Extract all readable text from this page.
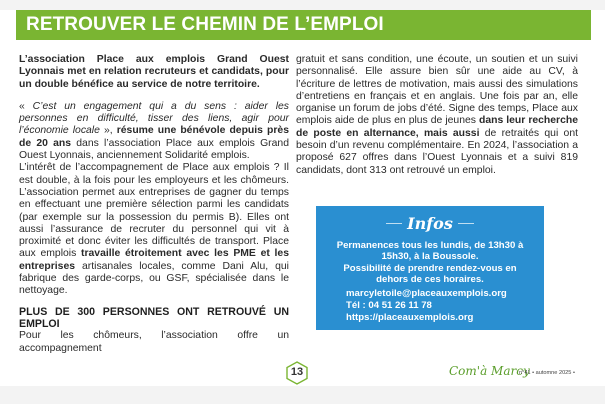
RETROUVER LE CHEMIN DE L’EMPLOI

L’association Place aux emplois Grand Ouest Lyonnais met en relation recruteurs et candidats, pour un double bénéfice au service de notre territoire.

« C’est un engagement qui a du sens : aider les personnes en difficulté, tisser des liens, agir pour l’économie locale », résume une bénévole depuis près de 20 ans dans l’association Place aux emplois Grand Ouest Lyonnais, anciennement Solidarité emplois.

L’intérêt de l’accompagnement de Place aux emplois ? Il est double, à la fois pour les employeurs et les chômeurs. L’association permet aux entreprises de gagner du temps en effectuant une première sélection parmi les candidats (par exemple sur la possession du permis B). Elles ont aussi l’assurance de recruter du personnel qui vit à proximité et donc éviter les difficultés de transport. Place aux emplois travaille étroitement avec les PME et les entreprises artisanales locales, comme Dani Alu, qui fabrique des garde-corps, ou GSF, spécialisée dans le nettoyage.

PLUS DE 300 PERSONNES ONT RETROUVÉ UN EMPLOI

Pour les chômeurs, l’association offre un accompagnement

gratuit et sans condition, une écoute, un soutien et un suivi personnalisé. Elle assure bien sûr une aide au CV, à l’écriture de lettres de motivation, mais aussi des simulations d’entretiens en français et en anglais. Une fois par an, elle organise un forum de jobs d’été. Signe des temps, Place aux emplois aide de plus en plus de jeunes dans leur recherche de poste en alternance, mais aussi de retraités qui ont besoin d’un revenu complémentaire. En 2024, l’association a proposé 627 offres dans l’Ouest Lyonnais et a suivi 819 candidats, dont 313 ont retrouvé un emploi.

Infos
Permanences tous les lundis, de 13h30 à 15h30, à la Boussole.
Possibilité de prendre rendez-vous en dehors de ces horaires.
marcyletoile@placeauxemplois.org
Tél : 04 51 26 11 78
https://placeauxemplois.org
13	Com'à Marcy
n°41 • automne 2025 •
